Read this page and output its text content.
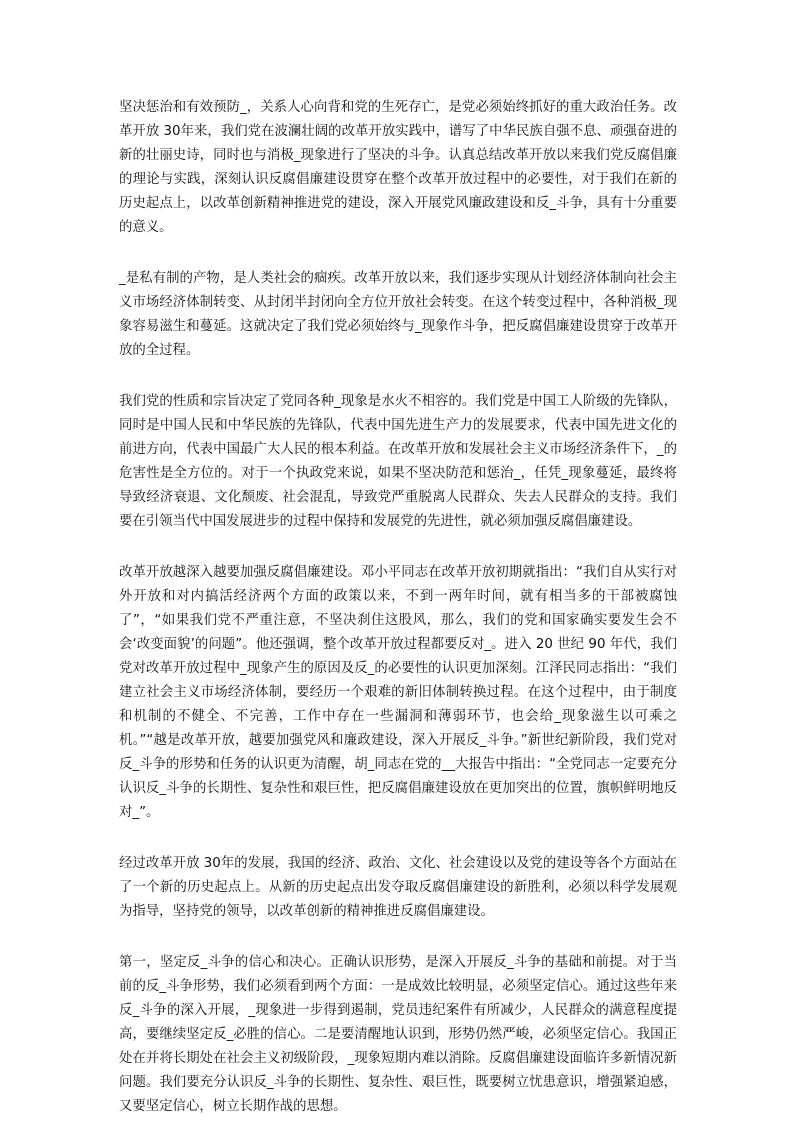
坚决惩治和有效预防_，关系人心向背和党的生死存亡，是党必须始终抓好的重大政治任务。改革开放 30年来，我们党在波澜壮阔的改革开放实践中，谱写了中华民族自强不息、顽强奋进的新的壮丽史诗，同时也与消极_现象进行了坚决的斗争。认真总结改革开放以来我们党反腐倡廉的理论与实践，深刻认识反腐倡廉建设贯穿在整个改革开放过程中的必要性，对于我们在新的历史起点上，以改革创新精神推进党的建设，深入开展党风廉政建设和反_斗争，具有十分重要的意义。

_是私有制的产物，是人类社会的痼疾。改革开放以来，我们逐步实现从计划经济体制向社会主义市场经济体制转变、从封闭半封闭向全方位开放社会转变。在这个转变过程中，各种消极_现象容易滋生和蔓延。这就决定了我们党必须始终与_现象作斗争，把反腐倡廉建设贯穿于改革开放的全过程。

我们党的性质和宗旨决定了党同各种_现象是水火不相容的。我们党是中国工人阶级的先锋队，同时是中国人民和中华民族的先锋队，代表中国先进生产力的发展要求，代表中国先进文化的前进方向，代表中国最广大人民的根本利益。在改革开放和发展社会主义市场经济条件下，_的危害性是全方位的。对于一个执政党来说，如果不坚决防范和惩治_，任凭_现象蔓延，最终将导致经济衰退、文化颓废、社会混乱，导致党严重脱离人民群众、失去人民群众的支持。我们要在引领当代中国发展进步的过程中保持和发展党的先进性，就必须加强反腐倡廉建设。

改革开放越深入越要加强反腐倡廉建设。邓小平同志在改革开放初期就指出：“我们自从实行对外开放和对内搞活经济两个方面的政策以来，不到一两年时间，就有相当多的干部被腐蚀了”，“如果我们党不严重注意，不坚决刹住这股风，那么，我们的党和国家确实要发生会不会‘改变面貌’的问题”。他还强调，整个改革开放过程都要反对_。进入 20 世纪 90 年代，我们党对改革开放过程中_现象产生的原因及反_的必要性的认识更加深刻。江泽民同志指出：“我们建立社会主义市场经济体制，要经历一个艰难的新旧体制转换过程。在这个过程中，由于制度和机制的不健全、不完善，工作中存在一些漏洞和薄弱环节，也会给_现象滋生以可乘之机。”“越是改革开放，越要加强党风和廉政建设，深入开展反_斗争。”新世纪新阶段，我们党对反_斗争的形势和任务的认识更为清醒，胡_同志在党的__大报告中指出：“全党同志一定要充分认识反_斗争的长期性、复杂性和艰巨性，把反腐倡廉建设放在更加突出的位置，旗帜鲜明地反对_”。

经过改革开放 30年的发展，我国的经济、政治、文化、社会建设以及党的建设等各个方面站在了一个新的历史起点上。从新的历史起点出发夺取反腐倡廉建设的新胜利，必须以科学发展观为指导，坚持党的领导，以改革创新的精神推进反腐倡廉建设。

第一，坚定反_斗争的信心和决心。正确认识形势，是深入开展反_斗争的基础和前提。对于当前的反_斗争形势，我们必须看到两个方面：一是成效比较明显，必须坚定信心。通过这些年来反_斗争的深入开展，_现象进一步得到遏制，党员违纪案件有所减少，人民群众的满意程度提高，要继续坚定反_必胜的信心。二是要清醒地认识到，形势仍然严峻，必须坚定信心。我国正处在并将长期处在社会主义初级阶段，_现象短期内难以消除。反腐倡廉建设面临许多新情况新问题。我们要充分认识反_斗争的长期性、复杂性、艰巨性，既要树立忧患意识，增强紧迫感，又要坚定信心，树立长期作战的思想。
